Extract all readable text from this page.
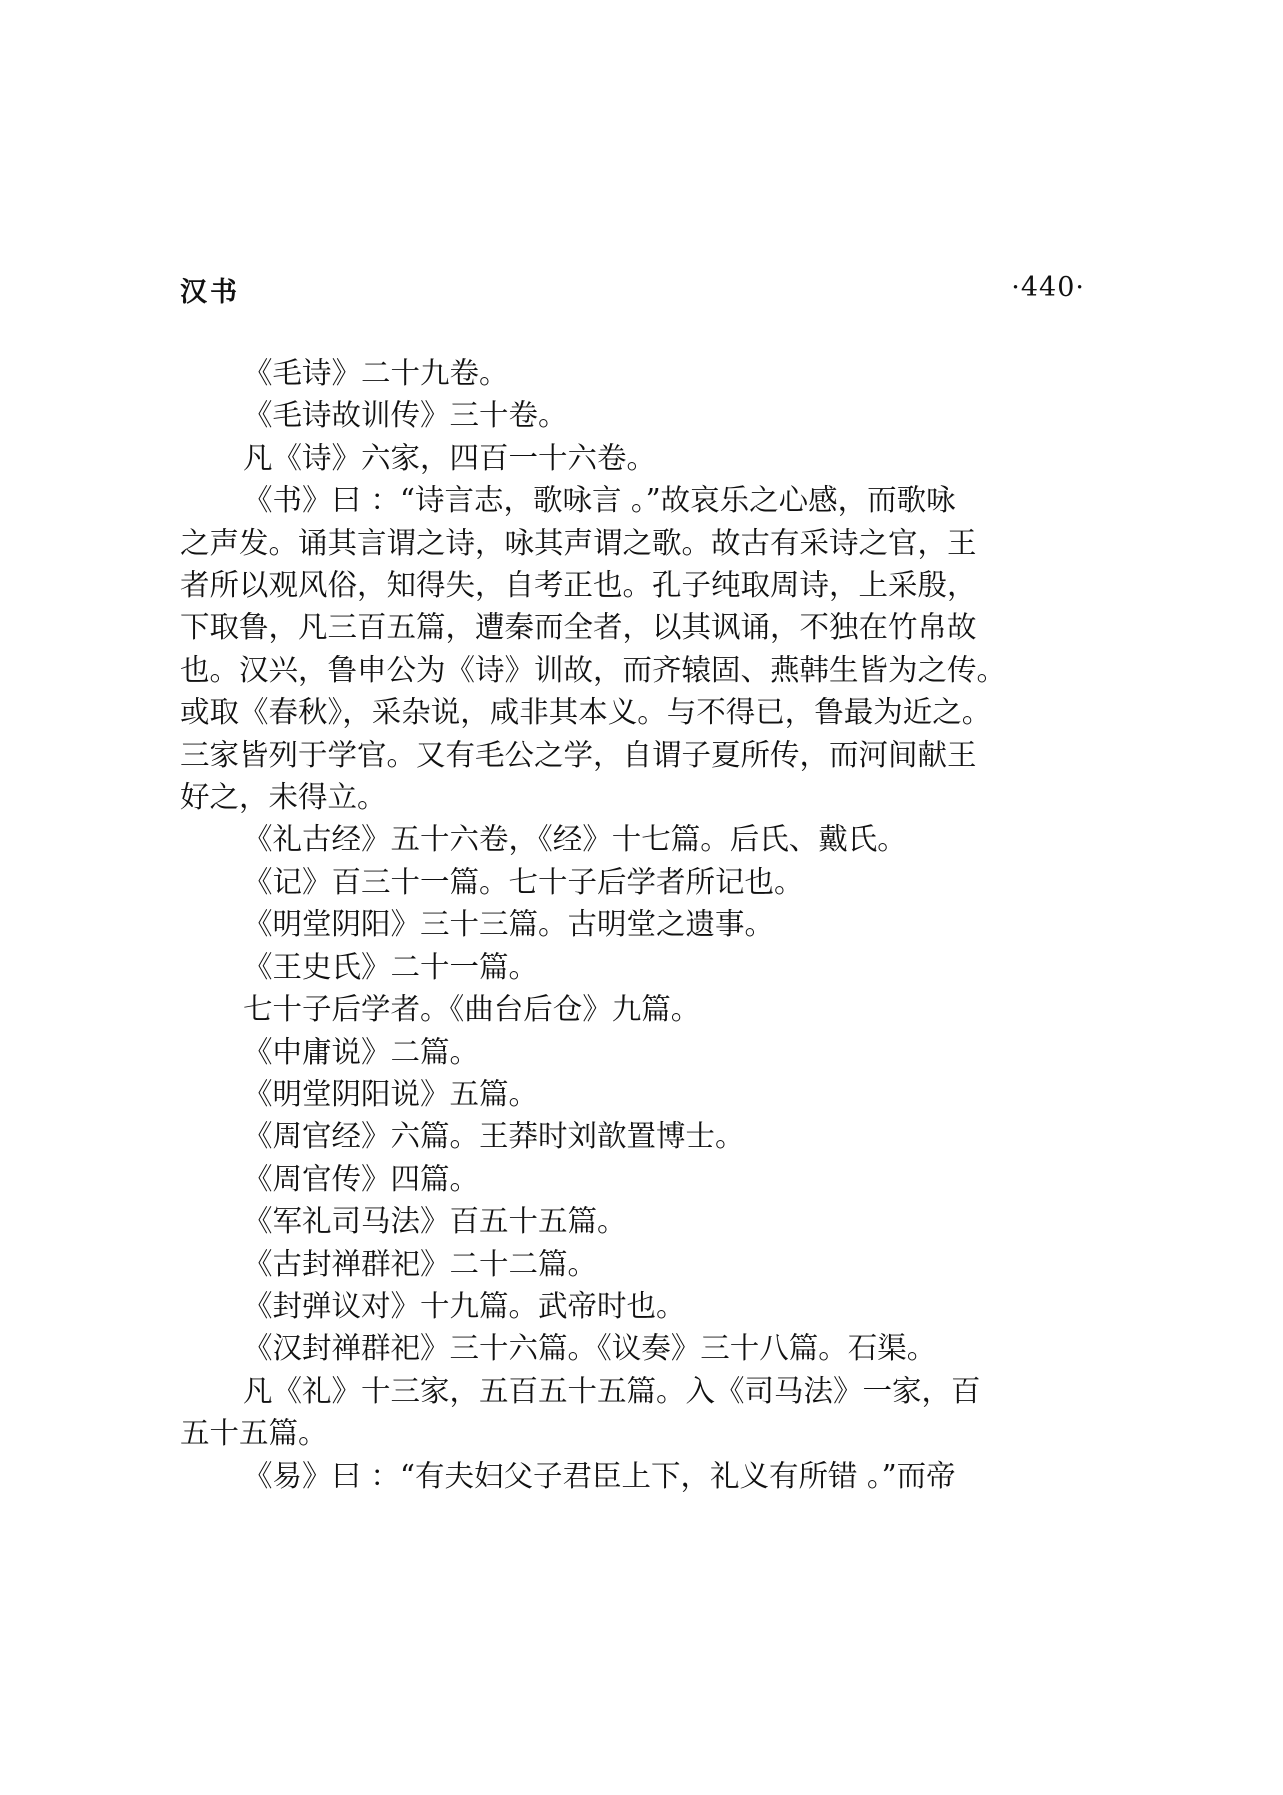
汉书	·440·

《毛诗》二十九卷。

《毛诗故训传》三十卷。

凡《诗》六家，四百一十六卷。

《书》曰 ：“诗言志，歌咏言 。”故哀乐之心感，而歌咏

之声发。诵其言谓之诗，咏其声谓之歌。故古有采诗之官，王

者所以观风俗，知得失，自考正也。孔子纯取周诗，上采殷，

下取鲁，凡三百五篇，遭秦而全者，以其讽诵，不独在竹帛故

也。汉兴，鲁申公为《诗》训故，而齐辕固、燕韩生皆为之传。

或取《春秋》，采杂说，咸非其本义。与不得已，鲁最为近之。

三家皆列于学官。又有毛公之学，自谓子夏所传，而河间献王

好之，未得立。

《礼古经》五十六卷，《经》十七篇。后氏、戴氏。

《记》百三十一篇。七十子后学者所记也。

《明堂阴阳》三十三篇。古明堂之遗事。

《王史氏》二十一篇。

七十子后学者。《曲台后仓》九篇。

《中庸说》二篇。

《明堂阴阳说》五篇。

《周官经》六篇。王莽时刘歆置博士。

《周官传》四篇。

《军礼司马法》百五十五篇。

《古封禅群祀》二十二篇。

《封弹议对》十九篇。武帝时也。

《汉封禅群祀》三十六篇。《议奏》三十八篇。石渠。

凡《礼》十三家，五百五十五篇。入《司马法》一家，百

五十五篇。

《易》曰 ：“有夫妇父子君臣上下，礼义有所错 。”而帝
